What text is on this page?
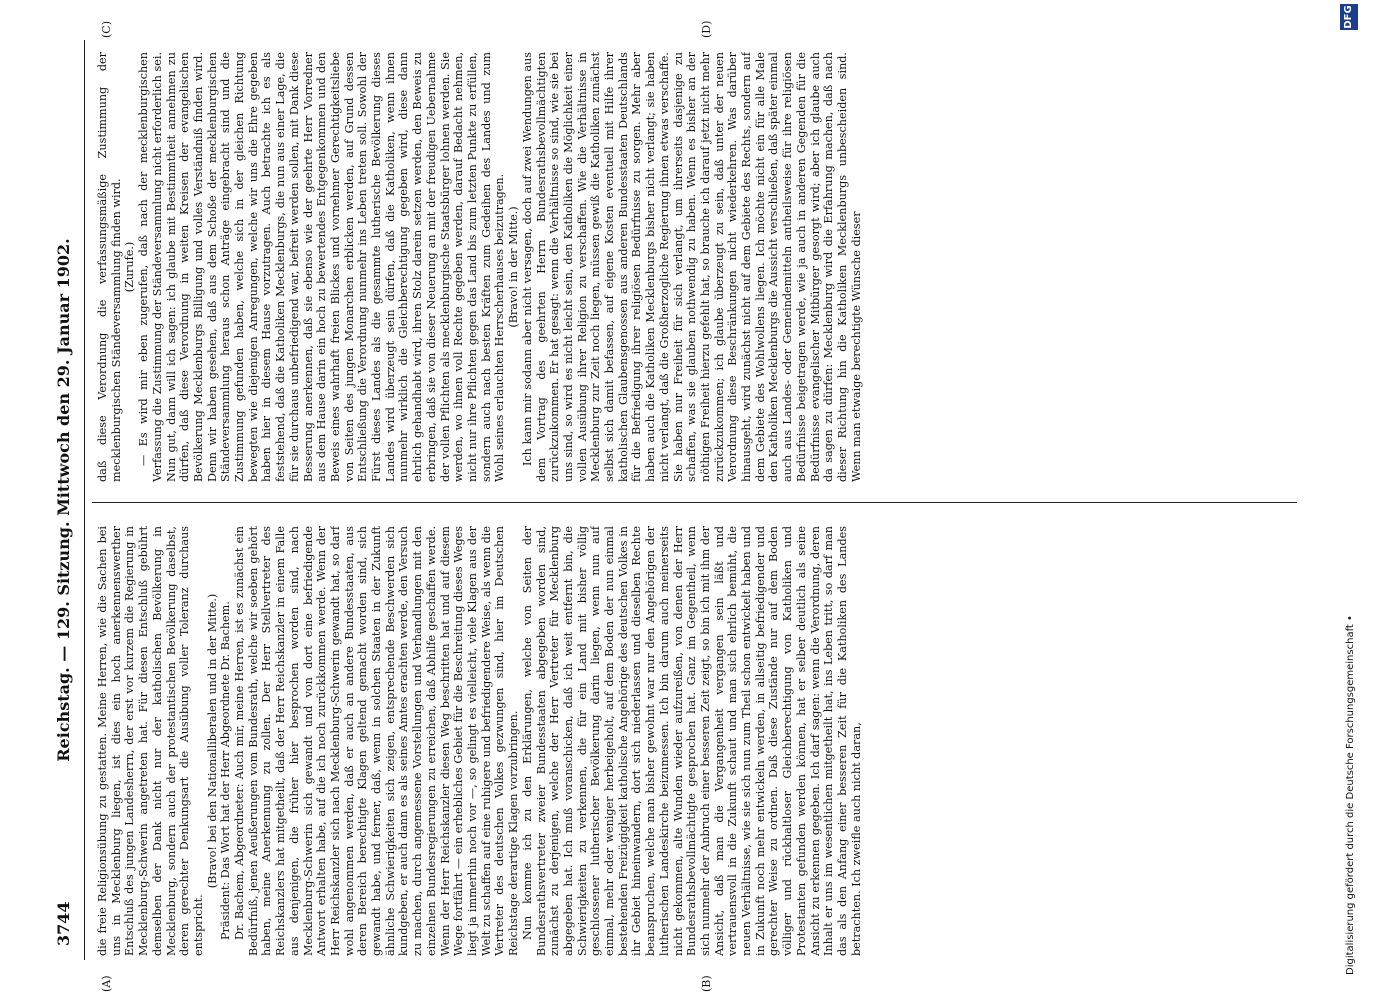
3744
Reichstag. — 129. Sitzung. Mittwoch den 29. Januar 1902.
(A)	(B)
(C)	(D)

die freie Religionsübung zu gestatten. Meine Herren, wie die Sachen bei uns in Mecklenburg liegen, ist dies ein hoch anerkennenswerther Entschluß des jungen Landesherrn, der erst vor kurzem die Regierung in Mecklenburg-Schwerin angetreten hat. Für diesen Entschluß gebührt demselben der Dank nicht nur der katholischen Bevölkerung in Mecklenburg, sondern auch der protestantischen Bevölkerung daselbst, deren gerechter Denkungsart die Ausübung voller Toleranz durchaus entspricht.

(Bravo! bei den Nationalliberalen und in der Mitte.) Präsident: Das Wort hat der Herr Abgeordnete Dr. Bachem. Dr. Bachem, Abgeordneter: Auch mir, meine Herren, ist es zunächst ein Bedürfniß, jenen Aeußerungen vom Bundesrath, welche wir soeben gehört haben, meine Anerkennung zu zollen. Der Herr Stellvertreter des Reichskanzlers hat mitgetheilt, daß der Herr Reichskanzler in einem Falle aus denjenigen, die früher hier besprochen worden sind, nach Mecklenburg-Schwerin sich gewandt und von dort eine befriedigende Antwort erhalten habe, auf die ich noch zurückkommen werde. Wenn der Herr Reichskanzler sich nach Mecklenburg-Schwerin gewandt hat, so darf wohl angenommen werden, daß er auch an andere Bundesstaaten, aus deren Bereich berechtigte Klagen geltend gemacht worden sind, sich gewandt habe, und ferner, daß, wenn in solchen Staaten in der Zukunft ähnliche Schwierigkeiten sich zeigen, entsprechende Beschwerden sich kundgeben, er auch dann es als seines Amtes erachten werde, den Versuch zu machen, durch angemessene Vorstellungen und Verhandlungen mit den einzelnen Bundesregierungen zu erreichen, daß Abhilfe geschaffen werde. Wenn der Herr Reichskanzler diesen Weg beschritten hat und auf diesem Wege fortfährt — ein erhebliches Gebiet für die Beschreitung dieses Weges liegt ja immerhin noch vor —, so gelingt es vielleicht, viele Klagen aus der Welt zu schaffen auf eine ruhigere und befriedigendere Weise, als wenn die Vertreter des deutschen Volkes gezwungen sind, hier im Deutschen Reichstage derartige Klagen vorzubringen. Nun komme ich zu den Erklärungen, welche von Seiten der Bundesrathsvertreter zweier Bundesstaaten abgegeben worden sind, zunächst zu derjenigen, welche der Herr Vertreter für Mecklenburg abgegeben hat. Ich muß voranschicken, daß ich weit entfernt bin, die Schwierigkeiten zu verkennen, die für ein Land mit bisher völlig geschlossener lutherischer Bevölkerung darin liegen, wenn nun auf einmal, mehr oder weniger herbeigeholt, auf dem Boden der nun einmal bestehenden Freizügigkeit katholische Angehörige des deutschen Volkes in ihr Gebiet hineinwandern, dort sich niederlassen und dieselben Rechte beanspruchen, welche man bisher gewohnt war nur den Angehörigen der lutherischen Landeskirche beizumessen. Ich bin darum auch meinerseits nicht gekommen, alte Wunden wieder aufzureißen, von denen der Herr Bundesrathsbevollmächtigte gesprochen hat. Ganz im Gegentheil, wenn sich nunmehr der Anbruch einer besseren Zeit zeigt, so bin ich mit ihm der Ansicht, daß man die Vergangenheit vergangen sein läßt und vertrauensvoll in die Zukunft schaut und man sich ehrlich bemüht, die neuen Verhältnisse, wie sie sich nun zum Theil schon entwickelt haben und in Zukunft noch mehr entwickeln werden, in allseitig befriedigender und gerechter Weise zu ordnen. Daß diese Zustände nur auf dem Boden völliger und rückhaltloser Gleichberechtigung von Katholiken und Protestanten gefunden werden können, hat er selber deutlich als seine Ansicht zu erkennen gegeben. Ich darf sagen: wenn die Verordnung, deren Inhalt er uns im wesentlichen mitgetheilt hat, ins Leben tritt, so darf man das als den Anfang einer besseren Zeit für die Katholiken des Landes betrachten. Ich zweifle auch nicht daran,

daß diese Verordnung die verfassungsmäßige Zustimmung der mecklenburgischen Ständeversammlung finden wird. (Zurufe.) — Es wird mir eben zugerufen, daß nach der mecklenburgischen Verfassung die Zustimmung der Ständeversammlung nicht erforderlich sei. Nun gut, dann will ich sagen: ich glaube mit Bestimmtheit annehmen zu dürfen, daß diese Verordnung in weiten Kreisen der evangelischen Bevölkerung Mecklenburgs Billigung und volles Verständniß finden wird. Denn wir haben gesehen, daß aus dem Schoße der mecklenburgischen Ständeversammlung heraus schon Anträge eingebracht sind und die Zustimmung gefunden haben, welche sich in der gleichen Richtung bewegten wie diejenigen Anregungen, welche wir uns die Ehre gegeben haben hier in diesem Hause vorzutragen. Auch betrachte ich es als feststehend, daß die Katholiken Mecklenburgs, die nun aus einer Lage, die für sie durchaus unbefriedigend war, befreit werden sollen, mit Dank diese Besserung anerkennen, daß sie ebenso wie der geehrte Herr Vorredner aus dem Hause darin ein hoch zu bewertendes Entgegenkommen und den Beweis eines wahrhaft freien Blickes und vornehmer Gerechtigkeitsliebe von Seiten des jungen Monarchen erblicken werden, auf Grund dessen Entschließung die Verordnung nunmehr ins Leben treten soll. Sowohl der Fürst dieses Landes als die gesammte lutherische Bevölkerung dieses Landes wird überzeugt sein dürfen, daß die Katholiken, wenn ihnen nunmehr wirklich die Gleichberechtigung gegeben wird, diese dann ehrlich gehandhabt wird, ihren Stolz darein setzen werden, den Beweis zu erbringen, daß sie von dieser Neuerung an mit der freudigen Uebernahme der vollen Pflichten als mecklenburgische Staatsbürger lohnen werden. Sie werden, wo ihnen voll Rechte gegeben werden, darauf Bedacht nehmen, nicht nur ihre Pflichten gegen das Land bis zum letzten Punkte zu erfüllen, sondern auch nach besten Kräften zum Gedeihen des Landes und zum Wohl seines erlauchten Herrscherhauses beizutragen. (Bravo! in der Mitte.) Ich kann mir sodann aber nicht versagen, doch auf zwei Wendungen aus dem Vortrag des geehrten Herrn Bundesrathsbevollmächtigten zurückzukommen. Er hat gesagt: wenn die Verhältnisse so sind, wie sie bei uns sind, so wird es nicht leicht sein, den Katholiken die Möglichkeit einer vollen Ausübung ihrer Religion zu verschaffen. Wie die Verhältnisse in Mecklenburg zur Zeit noch liegen, müssen gewiß die Katholiken zunächst selbst sich damit befassen, auf eigene Kosten eventuell mit Hilfe ihrer katholischen Glaubensgenossen aus anderen Bundesstaaten Deutschlands für die Befriedigung ihrer religiösen Bedürfnisse zu sorgen. Mehr aber haben auch die Katholiken Mecklenburgs bisher nicht verlangt; sie haben nicht verlangt, daß die Großherzogliche Regierung ihnen etwas verschaffe. Sie haben nur Freiheit für sich verlangt, um ihrerseits dasjenige zu schaffen, was sie glauben nothwendig zu haben. Wenn es bisher an der nöthigen Freiheit hierzu gefehlt hat, so brauche ich darauf jetzt nicht mehr zurückzukommen; ich glaube überzeugt zu sein, daß unter der neuen Verordnung diese Beschränkungen nicht wiederkehren. Was darüber hinausgeht, wird zunächst nicht auf dem Gebiete des Rechts, sondern auf dem Gebiete des Wohlwollens liegen. Ich möchte nicht ein für alle Male den Katholiken Mecklenburgs die Aussicht verschließen, daß später einmal auch aus Landes- oder Gemeindemitteln antheilsweise für ihre religiösen Bedürfnisse beigetragen werde, wie ja auch in anderen Gegenden für die Bedürfnisse evangelischer Mitbürger gesorgt wird; aber ich glaube auch da sagen zu dürfen: Mecklenburg wird die Erfahrung machen, daß nach dieser Richtung hin die Katholiken Mecklenburgs unbescheiden sind. Wenn man etwaige berechtigte Wünsche dieser

Digitalisierung gefördert durch die Deutsche Forschungsgemeinschaft •
DFG
